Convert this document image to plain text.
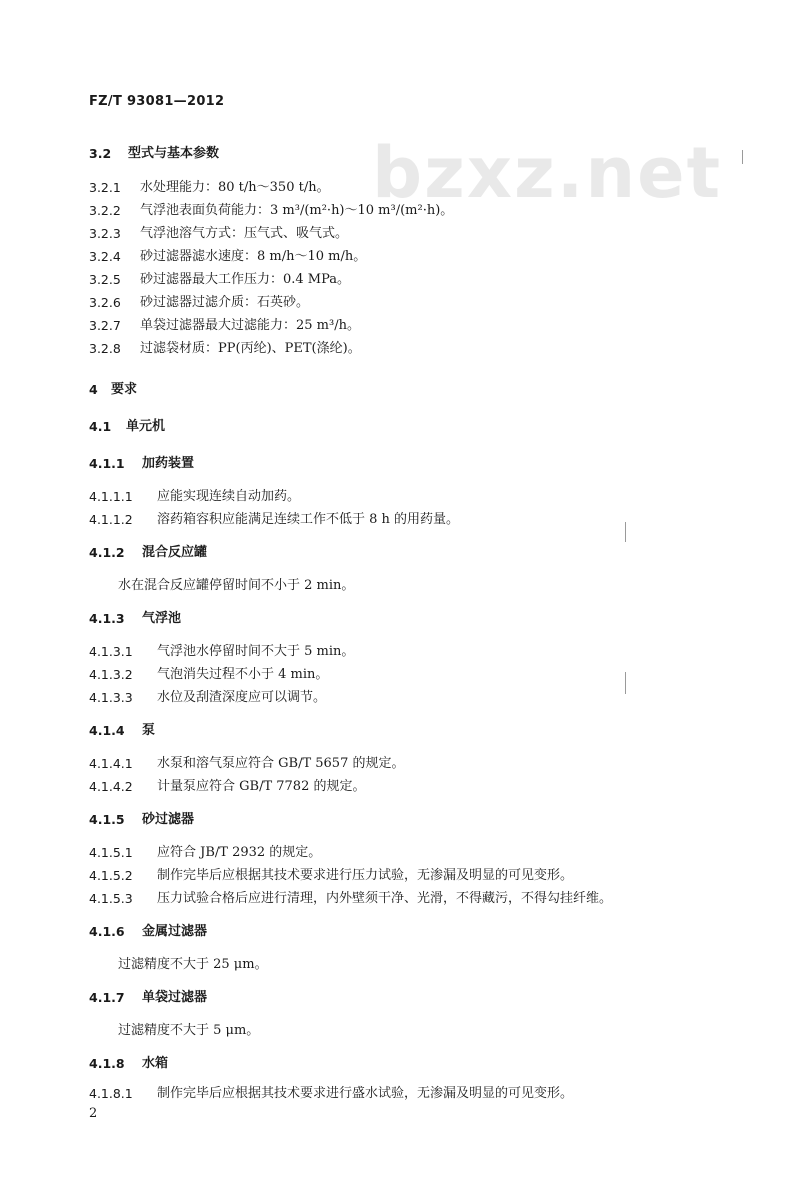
bzxz.net
FZ/T 93081—2012
3.2 型式与基本参数
3.2.1 水处理能力：80 t/h～350 t/h。
3.2.2 气浮池表面负荷能力：3 m³/(m²·h)～10 m³/(m²·h)。
3.2.3 气浮池溶气方式：压气式、吸气式。
3.2.4 砂过滤器滤水速度：8 m/h～10 m/h。
3.2.5 砂过滤器最大工作压力：0.4 MPa。
3.2.6 砂过滤器过滤介质：石英砂。
3.2.7 单袋过滤器最大过滤能力：25 m³/h。
3.2.8 过滤袋材质：PP(丙纶)、PET(涤纶)。
4 要求
4.1 单元机
4.1.1 加药装置
4.1.1.1 应能实现连续自动加药。
4.1.1.2 溶药箱容积应能满足连续工作不低于 8 h 的用药量。
4.1.2 混合反应罐
水在混合反应罐停留时间不小于 2 min。
4.1.3 气浮池
4.1.3.1 气浮池水停留时间不大于 5 min。
4.1.3.2 气泡消失过程不小于 4 min。
4.1.3.3 水位及刮渣深度应可以调节。
4.1.4 泵
4.1.4.1 水泵和溶气泵应符合 GB/T 5657 的规定。
4.1.4.2 计量泵应符合 GB/T 7782 的规定。
4.1.5 砂过滤器
4.1.5.1 应符合 JB/T 2932 的规定。
4.1.5.2 制作完毕后应根据其技术要求进行压力试验，无渗漏及明显的可见变形。
4.1.5.3 压力试验合格后应进行清理，内外壁须干净、光滑，不得藏污，不得勾挂纤维。
4.1.6 金属过滤器
过滤精度不大于 25 μm。
4.1.7 单袋过滤器
过滤精度不大于 5 μm。
4.1.8 水箱
4.1.8.1 制作完毕后应根据其技术要求进行盛水试验，无渗漏及明显的可见变形。
2
